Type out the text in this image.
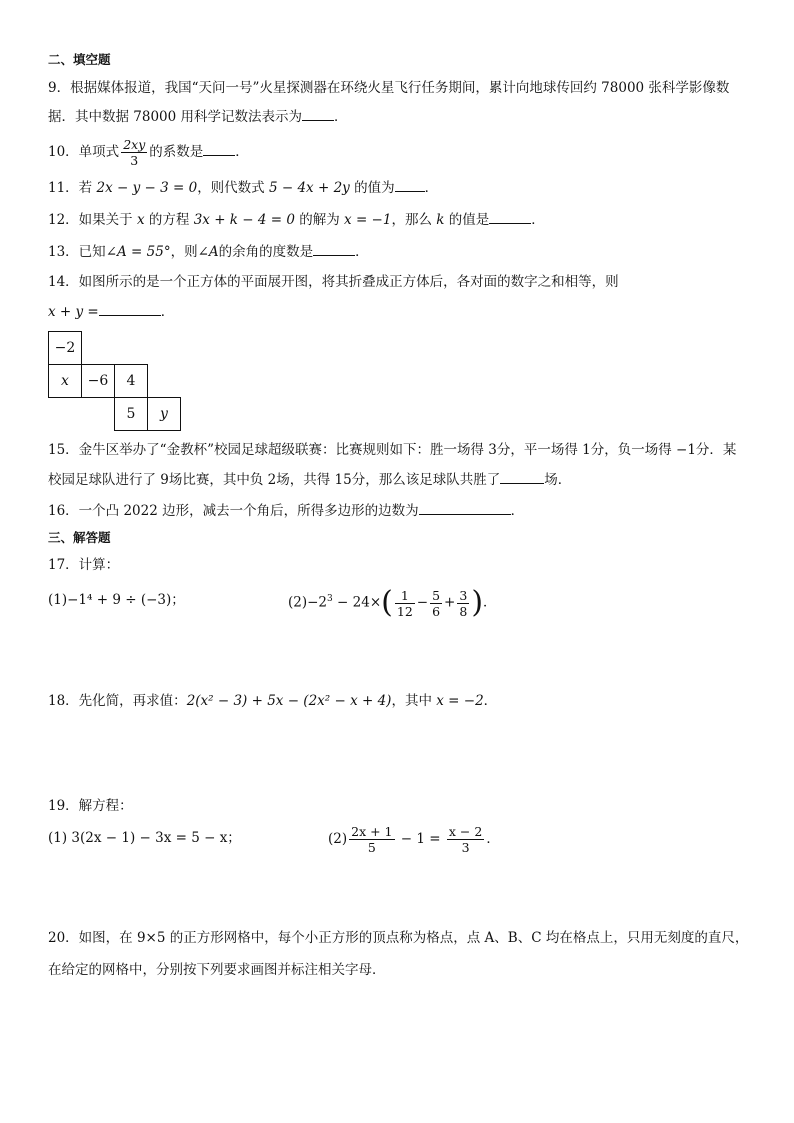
二、填空题
9．根据媒体报道，我国“天问一号”火星探测器在环绕火星飞行任务期间，累计向地球传回约 78000 张科学影像数
据．其中数据 78000 用科学记数法表示为 ．
10．单项式 $\frac{2xy}{3}$ 的系数是 ．
11．若 2x − y − 3 = 0，则代数式 5 − 4x + 2y 的值为 ．
12．如果关于 x 的方程 3x + k − 4 = 0 的解为 x = −1，那么 k 的值是	．
13．已知∠A = 55°，则∠A的余角的度数是	．
14．如图所示的是一个正方体的平面展开图，将其折叠成正方体后，各对面的数字之和相等，则
x + y =	．
−2			
x	−6	4	
		5	y
15．金牛区举办了“金教杯”校园足球超级联赛：比赛规则如下：胜一场得 3分，平一场得 1分，负一场得 −1分．某
校园足球队进行了 9场比赛，其中负 2场，共得 15分，那么该足球队共胜了	场．
16．一个凸 2022 边形，减去一个角后，所得多边形的边数为	．
三、解答题
17．计算：
(1)−1⁴ + 9 ÷ (−3)；	$(2)-2^3 - 24\times( \frac{1}{12} - \frac{5}{6} + \frac{3}{8}$ )．
18．先化简，再求值：2(x² − 3) + 5x − (2x² − x + 4)，其中 x = −2．
19．解方程：
(1) 3(2x − 1) − 3x = 5 − x；	$(2) \frac{2x + 1}{5} - 1 = \frac{x - 2}{3}$ ．
20．如图，在 9×5 的正方形网格中，每个小正方形的顶点称为格点，点 A、B、C 均在格点上，只用无刻度的直尺，
在给定的网格中，分别按下列要求画图并标注相关字母．
